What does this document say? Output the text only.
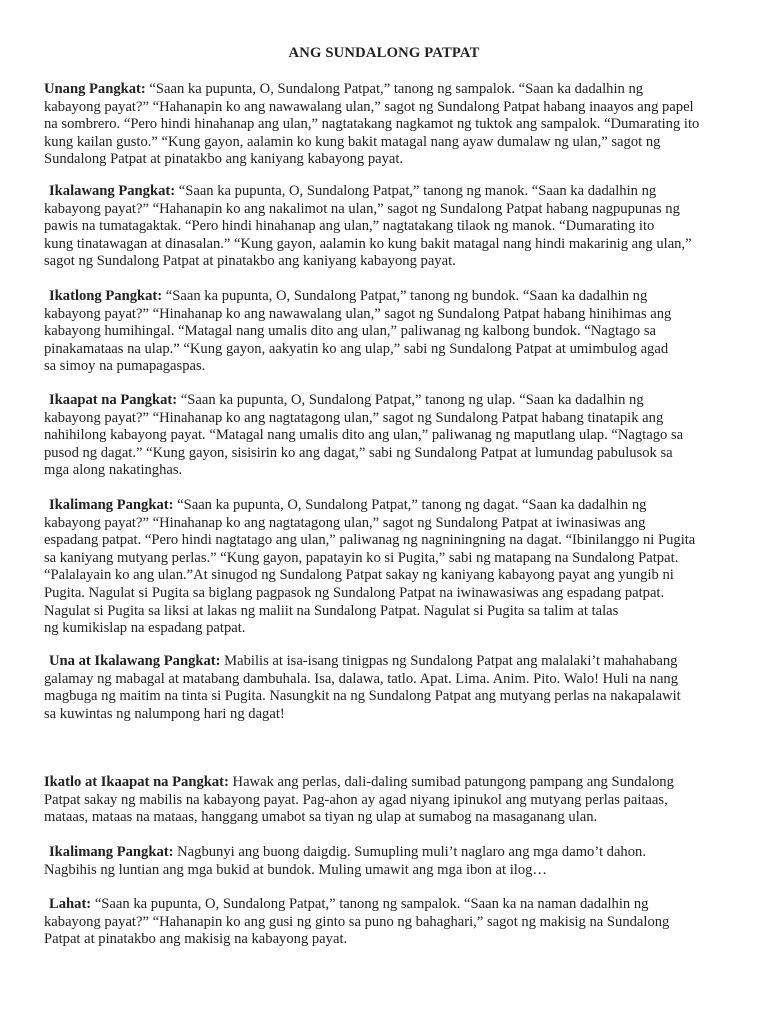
ANG SUNDALONG PATPAT

Unang Pangkat: “Saan ka pupunta, O, Sundalong Patpat,” tanong ng sampalok. “Saan ka dadalhin ng
kabayong payat?” “Hahanapin ko ang nawawalang ulan,” sagot ng Sundalong Patpat habang inaayos ang papel
na sombrero. “Pero hindi hinahanap ang ulan,” nagtatakang nagkamot ng tuktok ang sampalok. “Dumarating ito
kung kailan gusto.” “Kung gayon, aalamin ko kung bakit matagal nang ayaw dumalaw ng ulan,” sagot ng
Sundalong Patpat at pinatakbo ang kaniyang kabayong payat.

Ikalawang Pangkat: “Saan ka pupunta, O, Sundalong Patpat,” tanong ng manok. “Saan ka dadalhin ng
kabayong payat?” “Hahanapin ko ang nakalimot na ulan,” sagot ng Sundalong Patpat habang nagpupunas ng
pawis na tumatagaktak. “Pero hindi hinahanap ang ulan,” nagtatakang tilaok ng manok. “Dumarating ito
kung tinatawagan at dinasalan.” “Kung gayon, aalamin ko kung bakit matagal nang hindi makarinig ang ulan,”
sagot ng Sundalong Patpat at pinatakbo ang kaniyang kabayong payat.

Ikatlong Pangkat: “Saan ka pupunta, O, Sundalong Patpat,” tanong ng bundok. “Saan ka dadalhin ng
kabayong payat?” “Hinahanap ko ang nawawalang ulan,” sagot ng Sundalong Patpat habang hinihimas ang
kabayong humihingal. “Matagal nang umalis dito ang ulan,” paliwanag ng kalbong bundok. “Nagtago sa
pinakamataas na ulap.” “Kung gayon, aakyatin ko ang ulap,” sabi ng Sundalong Patpat at umimbulog agad
sa simoy na pumapagaspas.

Ikaapat na Pangkat: “Saan ka pupunta, O, Sundalong Patpat,” tanong ng ulap. “Saan ka dadalhin ng
kabayong payat?” “Hinahanap ko ang nagtatagong ulan,” sagot ng Sundalong Patpat habang tinatapik ang
nahihilong kabayong payat. “Matagal nang umalis dito ang ulan,” paliwanag ng maputlang ulap. “Nagtago sa
pusod ng dagat.” “Kung gayon, sisisirin ko ang dagat,” sabi ng Sundalong Patpat at lumundag pabulusok sa
mga along nakatinghas.

Ikalimang Pangkat: “Saan ka pupunta, O, Sundalong Patpat,” tanong ng dagat. “Saan ka dadalhin ng
kabayong payat?” “Hinahanap ko ang nagtatagong ulan,” sagot ng Sundalong Patpat at iwinasiwas ang
espadang patpat. “Pero hindi nagtatago ang ulan,” paliwanag ng nagniningning na dagat. “Ibinilanggo ni Pugita
sa kaniyang mutyang perlas.” “Kung gayon, papatayin ko si Pugita,” sabi ng matapang na Sundalong Patpat.
“Palalayain ko ang ulan.”At sinugod ng Sundalong Patpat sakay ng kaniyang kabayong payat ang yungib ni
Pugita. Nagulat si Pugita sa biglang pagpasok ng Sundalong Patpat na iwinawasiwas ang espadang patpat.
Nagulat si Pugita sa liksi at lakas ng maliit na Sundalong Patpat. Nagulat si Pugita sa talim at talas
ng kumikislap na espadang patpat.

Una at Ikalawang Pangkat: Mabilis at isa-isang tinigpas ng Sundalong Patpat ang malalaki’t mahahabang
galamay ng mabagal at matabang dambuhala. Isa, dalawa, tatlo. Apat. Lima. Anim. Pito. Walo! Huli na nang
magbuga ng maitim na tinta si Pugita. Nasungkit na ng Sundalong Patpat ang mutyang perlas na nakapalawit
sa kuwintas ng nalumpong hari ng dagat!

Ikatlo at Ikaapat na Pangkat: Hawak ang perlas, dali-daling sumibad patungong pampang ang Sundalong
Patpat sakay ng mabilis na kabayong payat. Pag-ahon ay agad niyang ipinukol ang mutyang perlas paitaas,
mataas, mataas na mataas, hanggang umabot sa tiyan ng ulap at sumabog na masaganang ulan.

Ikalimang Pangkat: Nagbunyi ang buong daigdig. Sumupling muli’t naglaro ang mga damo’t dahon.
Nagbihis ng luntian ang mga bukid at bundok. Muling umawit ang mga ibon at ilog…

Lahat: “Saan ka pupunta, O, Sundalong Patpat,” tanong ng sampalok. “Saan ka na naman dadalhin ng
kabayong payat?” “Hahanapin ko ang gusi ng ginto sa puno ng bahaghari,” sagot ng makisig na Sundalong
Patpat at pinatakbo ang makisig na kabayong payat.
